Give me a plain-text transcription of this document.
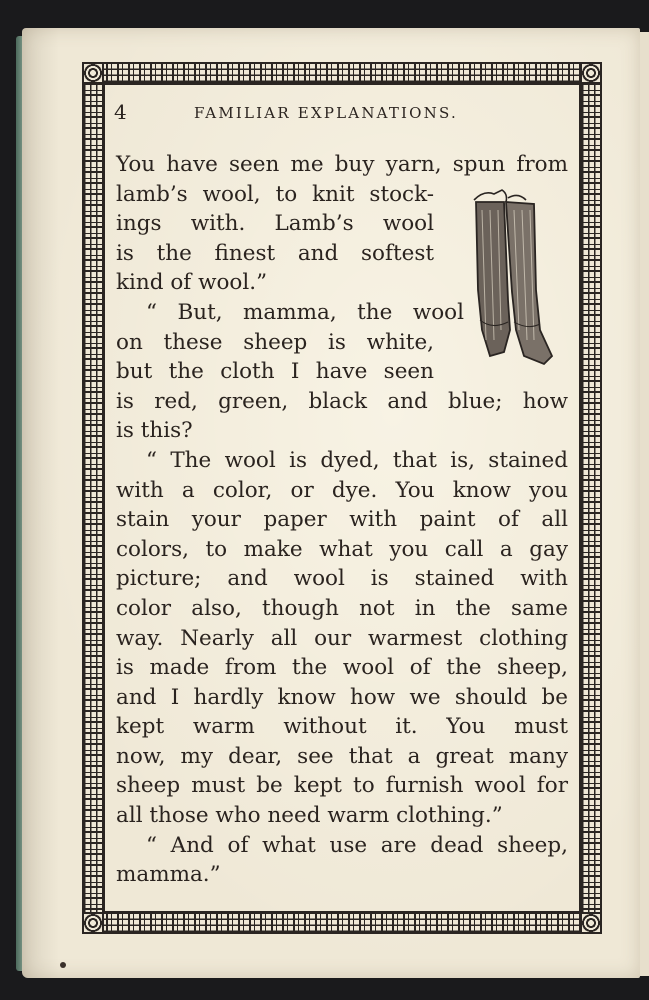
4	FAMILIAR EXPLANATIONS.
You have seen me buy yarn, spun from
lamb’s wool, to knit stock-
ings with. Lamb’s wool
is the finest and softest
kind of wool.”
“ But, mamma, the wool
on these sheep is white,
but the cloth I have seen
is red, green, black and blue; how
is this?
“ The wool is dyed, that is, stained
with a color, or dye. You know you
stain your paper with paint of all
colors, to make what you call a gay
picture; and wool is stained with
color also, though not in the same
way. Nearly all our warmest clothing
is made from the wool of the sheep,
and I hardly know how we should be
kept warm without it. You must
now, my dear, see that a great many
sheep must be kept to furnish wool for
all those who need warm clothing.”
“ And of what use are dead sheep,
mamma.”
